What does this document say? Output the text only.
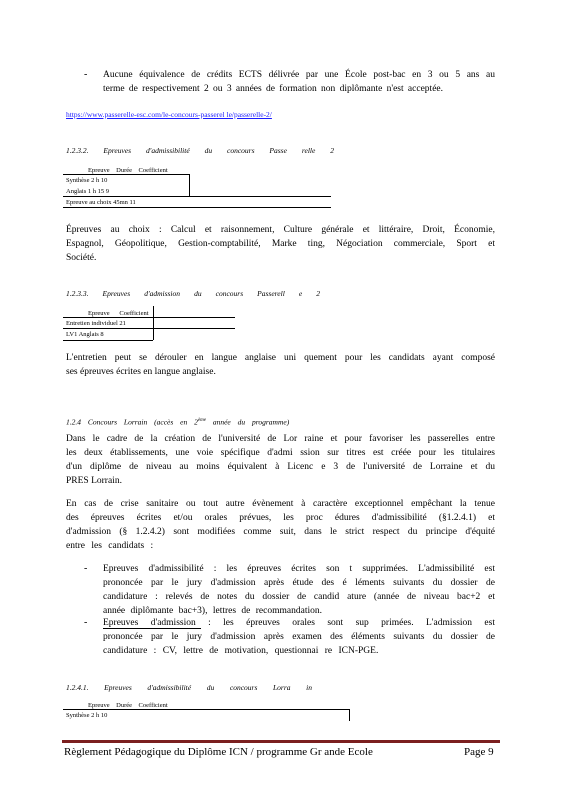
- Aucune équivalence de crédits ECTS délivrée par une École post-bac en 3 ou 5 ans au
terme de respectivement 2 ou 3 années de formation non diplômante n'est acceptée.
https://www.passerelle-esc.com/le-concours-passerel le/passerelle-2/
1.2.3.2. Epreuves d'admissibilité du concours Passe relle 2
Epreuve Durée Coefficient
Synthèse 2 h 10
Anglais 1 h 15 9
Epreuve au choix 45mn 11
Épreuves au choix : Calcul et raisonnement, Culture générale et littéraire, Droit, Économie,
Espagnol, Géopolitique, Gestion-comptabilité, Marke ting, Négociation commerciale, Sport et
Société.
1.2.3.3. Epreuves d'admission du concours Passerell e 2
Epreuve Coefficient
Entretien individuel 21
LV1 Anglais 8
L'entretien peut se dérouler en langue anglaise uni quement pour les candidats ayant composé
ses épreuves écrites en langue anglaise.
1.2.4 Concours Lorrain (accès en 2ème année du programme)
Dans le cadre de la création de l'université de Lor raine et pour favoriser les passerelles entre
les deux établissements, une voie spécifique d'admi ssion sur titres est créée pour les titulaires
d'un diplôme de niveau au moins équivalent à Licenc e 3 de l'université de Lorraine et du
PRES Lorrain.
En cas de crise sanitaire ou tout autre évènement à caractère exceptionnel empêchant la tenue
des épreuves écrites et/ou orales prévues, les proc édures d'admissibilité (§1.2.4.1) et
d'admission (§ 1.2.4.2) sont modifiées comme suit, dans le strict respect du principe d'équité
entre les candidats :
- Epreuves d'admissibilité : les épreuves écrites son t supprimées. L'admissibilité est
prononcée par le jury d'admission après étude des é léments suivants du dossier de
candidature : relevés de notes du dossier de candid ature (année de niveau bac+2 et
année diplômante bac+3), lettres de recommandation.
- Epreuves d'admission : les épreuves orales sont sup primées. L'admission est
prononcée par le jury d'admission après examen des éléments suivants du dossier de
candidature : CV, lettre de motivation, questionnai re ICN-PGE.
1.2.4.1. Epreuves d'admissibilité du concours Lorra in
Epreuve Durée Coefficient
Synthèse 2 h 10
Règlement Pédagogique du Diplôme ICN / programme Gr ande Ecole	Page 9
